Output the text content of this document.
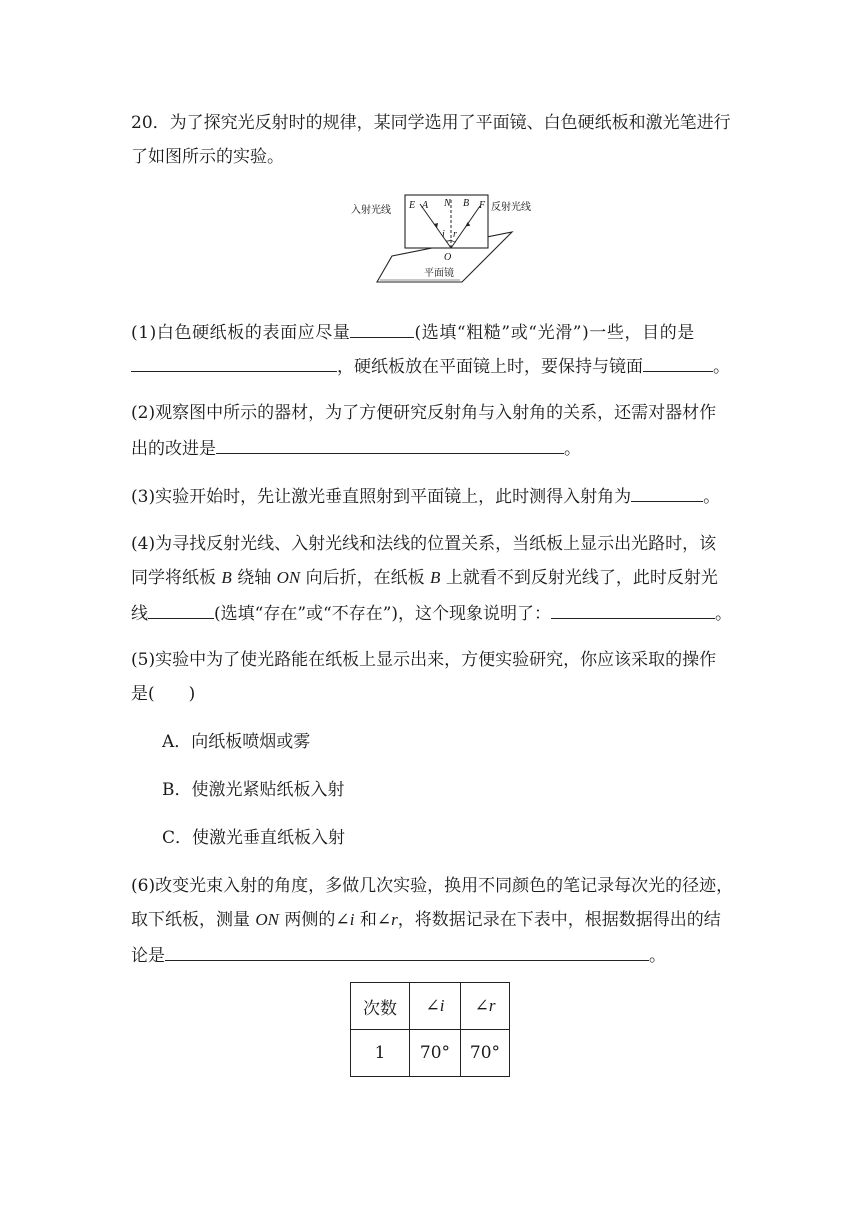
20．为了探究光反射时的规律，某同学选用了平面镜、白色硬纸板和激光笔进行
了如图所示的实验。
入射光线	反射光线
平面镜
E A N B F
i r
O
(1)白色硬纸板的表面应尽量	(选填“粗糙”或“光滑”)一些，目的是
，硬纸板放在平面镜上时，要保持与镜面	。
(2)观察图中所示的器材，为了方便研究反射角与入射角的关系，还需对器材作
出的改进是	。
(3)实验开始时，先让激光垂直照射到平面镜上，此时测得入射角为	。
(4)为寻找反射光线、入射光线和法线的位置关系，当纸板上显示出光路时，该
同学将纸板 B 绕轴 ON 向后折，在纸板 B 上就看不到反射光线了，此时反射光
线	(选填“存在”或“不存在”)，这个现象说明了：	。
(5)实验中为了使光路能在纸板上显示出来，方便实验研究，你应该采取的操作
是(　　)
A．向纸板喷烟或雾
B．使激光紧贴纸板入射
C．使激光垂直纸板入射
(6)改变光束入射的角度，多做几次实验，换用不同颜色的笔记录每次光的径迹，
取下纸板，测量 ON 两侧的∠i 和∠r，将数据记录在下表中，根据数据得出的结
论是	。
次数	∠i	∠r
1	70°	70°
